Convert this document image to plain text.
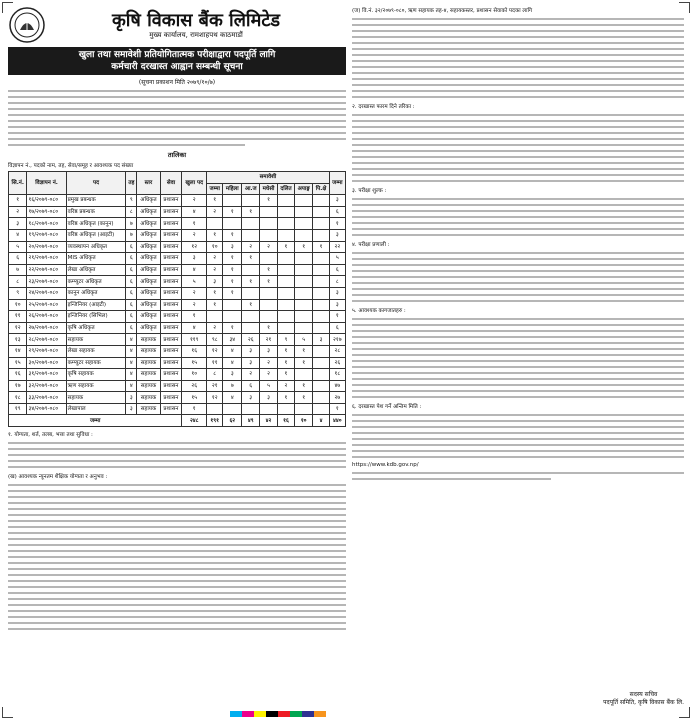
कृषि विकास बैंक लिमिटेड
मुख्य कार्यालय, रामशाहपथ काठमाडौं
खुला तथा समावेशी प्रतियोगितात्मक परीक्षाद्वारा पदपूर्ति लागि
कर्मचारी दरखास्त आह्वान सम्बन्धी सूचना
(सूचना प्रकाशन मिति २०७९/१०/७)
तालिका
विज्ञापन नं., पदको नाम, तह, सेवा/समूह र आवश्यक पद संख्या
सि.नं.	विज्ञापन नं.	पद	तह	स्तर	सेवा	खुला पद	समावेशी							जम्मा
							जम्मा	महिला	आ.ज	मधेसी	दलित	अपाङ्ग	पि.क्षे	
१	१६/२०७९-०८०	प्रमुख प्रबन्धक	९	अधिकृत	प्रशासन	२	१			१				३
२	१७/२०७९-०८०	वरिष्ठ प्रबन्धक	८	अधिकृत	प्रशासन	४	२	१	१					६
३	१८/२०७९-०८०	वरिष्ठ अधिकृत (कानुन)	७	अधिकृत	प्रशासन	१								१
४	१९/२०७९-०८०	वरिष्ठ अधिकृत (आइटी)	७	अधिकृत	प्रशासन	२	१	१						३
५	२०/२०७९-०८०	व्यवस्थापन अधिकृत	६	अधिकृत	प्रशासन	१२	१०	३	२	२	१	१	१	२२
६	२१/२०७९-०८०	MIS अधिकृत	६	अधिकृत	प्रशासन	३	२	१	१					५
७	२२/२०७९-०८०	लेखा अधिकृत	६	अधिकृत	प्रशासन	४	२	१		१				६
८	२३/२०७९-०८०	कम्प्युटर अधिकृत	६	अधिकृत	प्रशासन	५	३	१	१	१				८
९	२४/२०७९-०८०	कानुन अधिकृत	६	अधिकृत	प्रशासन	२	१	१						३
१०	२५/२०७९-०८०	इन्जिनियर (आइटी)	६	अधिकृत	प्रशासन	२	१		१					३
११	२६/२०७९-०८०	इन्जिनियर (सिभिल)	६	अधिकृत	प्रशासन	१								१
१२	२७/२०७९-०८०	कृषि अधिकृत	६	अधिकृत	प्रशासन	४	२	१		१				६
१३	२८/२०७९-०८०	सहायक	४	सहायक	प्रशासन	११९	९८	३४	२६	२१	९	५	३	२१७
१४	२९/२०७९-०८०	लेखा सहायक	४	सहायक	प्रशासन	१६	१२	४	३	३	१	१		२८
१५	३०/२०७९-०८०	कम्प्युटर सहायक	४	सहायक	प्रशासन	१५	११	४	३	२	१	१		२६
१६	३१/२०७९-०८०	कृषि सहायक	४	सहायक	प्रशासन	१०	८	३	२	२	१			१८
१७	३२/२०७९-०८०	ऋण सहायक	४	सहायक	प्रशासन	२६	२१	७	६	५	२	१		४७
१८	३३/२०७९-०८०	सहायक	३	सहायक	प्रशासन	१५	१२	४	३	३	१	१		२७
१९	३४/२०७९-०८०	लेखापाल	३	सहायक	प्रशासन	१								१
जम्मा						२४८	१९१	६२	४९	४२	१६	१०	४	४४०
१. योग्यता, शर्त, तलब, भत्ता तथा सुविधा :
(ख) आवश्यक न्यूनतम शैक्षिक योग्यता र अनुभव :
(ज) वि.नं. ३२/२०७९-०८०, ऋण सहायक तह-४, सहायकस्तर, प्रशासन सेवाको पदका लागि
२. दरखास्त फारम दिने तरिका :
३. परीक्षा शुल्क :
४. परीक्षा प्रणाली :
५. आवश्यक कागजातहरु :
६. दरखास्त पेश गर्ने अन्तिम मिति :
https://www.kdb.gov.np/
सदस्य सचिव
पदपूर्ति समिति, कृषि विकास बैंक लि.
